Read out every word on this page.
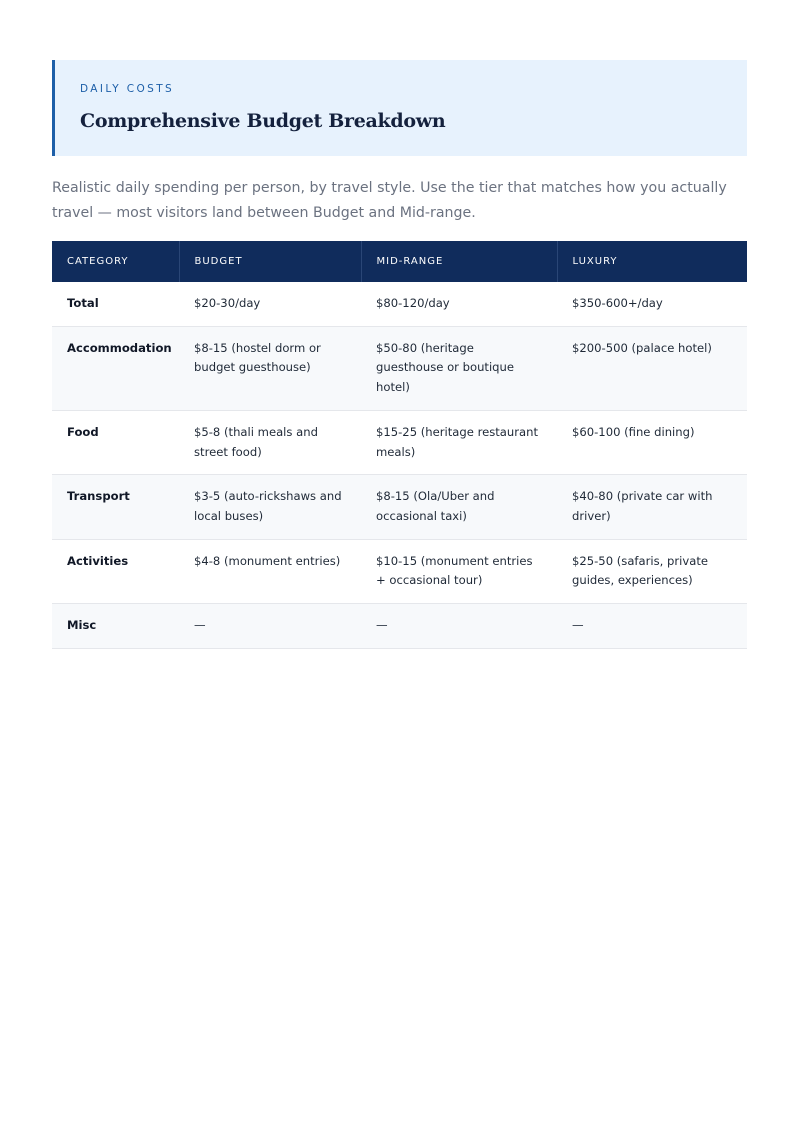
DAILY COSTS
Comprehensive Budget Breakdown
Realistic daily spending per person, by travel style. Use the tier that matches how you actually travel — most visitors land between Budget and Mid-range.
CATEGORY	BUDGET	MID-RANGE	LUXURY
Total	$20-30/day	$80-120/day	$350-600+/day
Accommodation	$8-15 (hostel dorm or budget guesthouse)	$50-80 (heritage guesthouse or boutique hotel)	$200-500 (palace hotel)
Food	$5-8 (thali meals and street food)	$15-25 (heritage restaurant meals)	$60-100 (fine dining)
Transport	$3-5 (auto-rickshaws and local buses)	$8-15 (Ola/Uber and occasional taxi)	$40-80 (private car with driver)
Activities	$4-8 (monument entries)	$10-15 (monument entries + occasional tour)	$25-50 (safaris, private guides, experiences)
Misc	—	—	—
